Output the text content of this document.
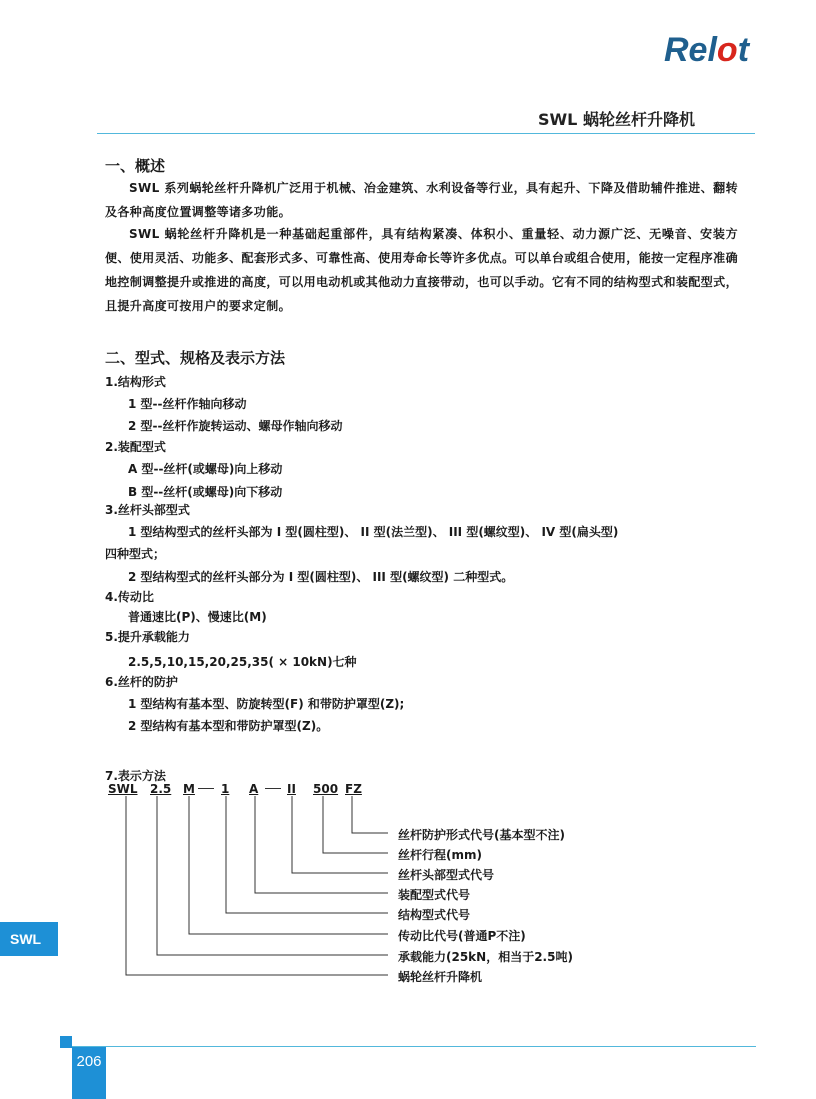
Relot
SWL 蜗轮丝杆升降机
一、概述
SWL 系列蜗轮丝杆升降机广泛用于机械、冶金建筑、水利设备等行业，具有起升、下降及借助辅件推进、翻转及各种高度位置调整等诸多功能。
SWL 蜗轮丝杆升降机是一种基础起重部件，具有结构紧凑、体积小、重量轻、动力源广泛、无噪音、安装方便、使用灵活、功能多、配套形式多、可靠性高、使用寿命长等许多优点。可以单台或组合使用，能按一定程序准确地控制调整提升或推进的高度，可以用电动机或其他动力直接带动，也可以手动。它有不同的结构型式和装配型式，且提升高度可按用户的要求定制。
二、型式、规格及表示方法
1.结构形式
1 型--丝杆作轴向移动
2 型--丝杆作旋转运动、螺母作轴向移动
2.装配型式
A 型--丝杆(或螺母)向上移动
B 型--丝杆(或螺母)向下移动
3.丝杆头部型式
1 型结构型式的丝杆头部为 I 型(圆柱型)、 II 型(法兰型)、 III 型(螺纹型)、 IV 型(扁头型)
四种型式；
2 型结构型式的丝杆头部分为 I 型(圆柱型)、 III 型(螺纹型) 二种型式。
4.传动比
普通速比(P)、慢速比(M)
5.提升承载能力
2.5,5,10,15,20,25,35( × 10kN)七种
6.丝杆的防护
1 型结构有基本型、防旋转型(F) 和带防护罩型(Z);
2 型结构有基本型和带防护罩型(Z)。
7.表示方法
SWL 2.5 M 1 A II 500 FZ
丝杆防护形式代号(基本型不注)
丝杆行程(mm)
丝杆头部型式代号
装配型式代号
结构型式代号
传动比代号(普通P不注)
承载能力(25kN，相当于2.5吨)
蜗轮丝杆升降机
SWL
206
